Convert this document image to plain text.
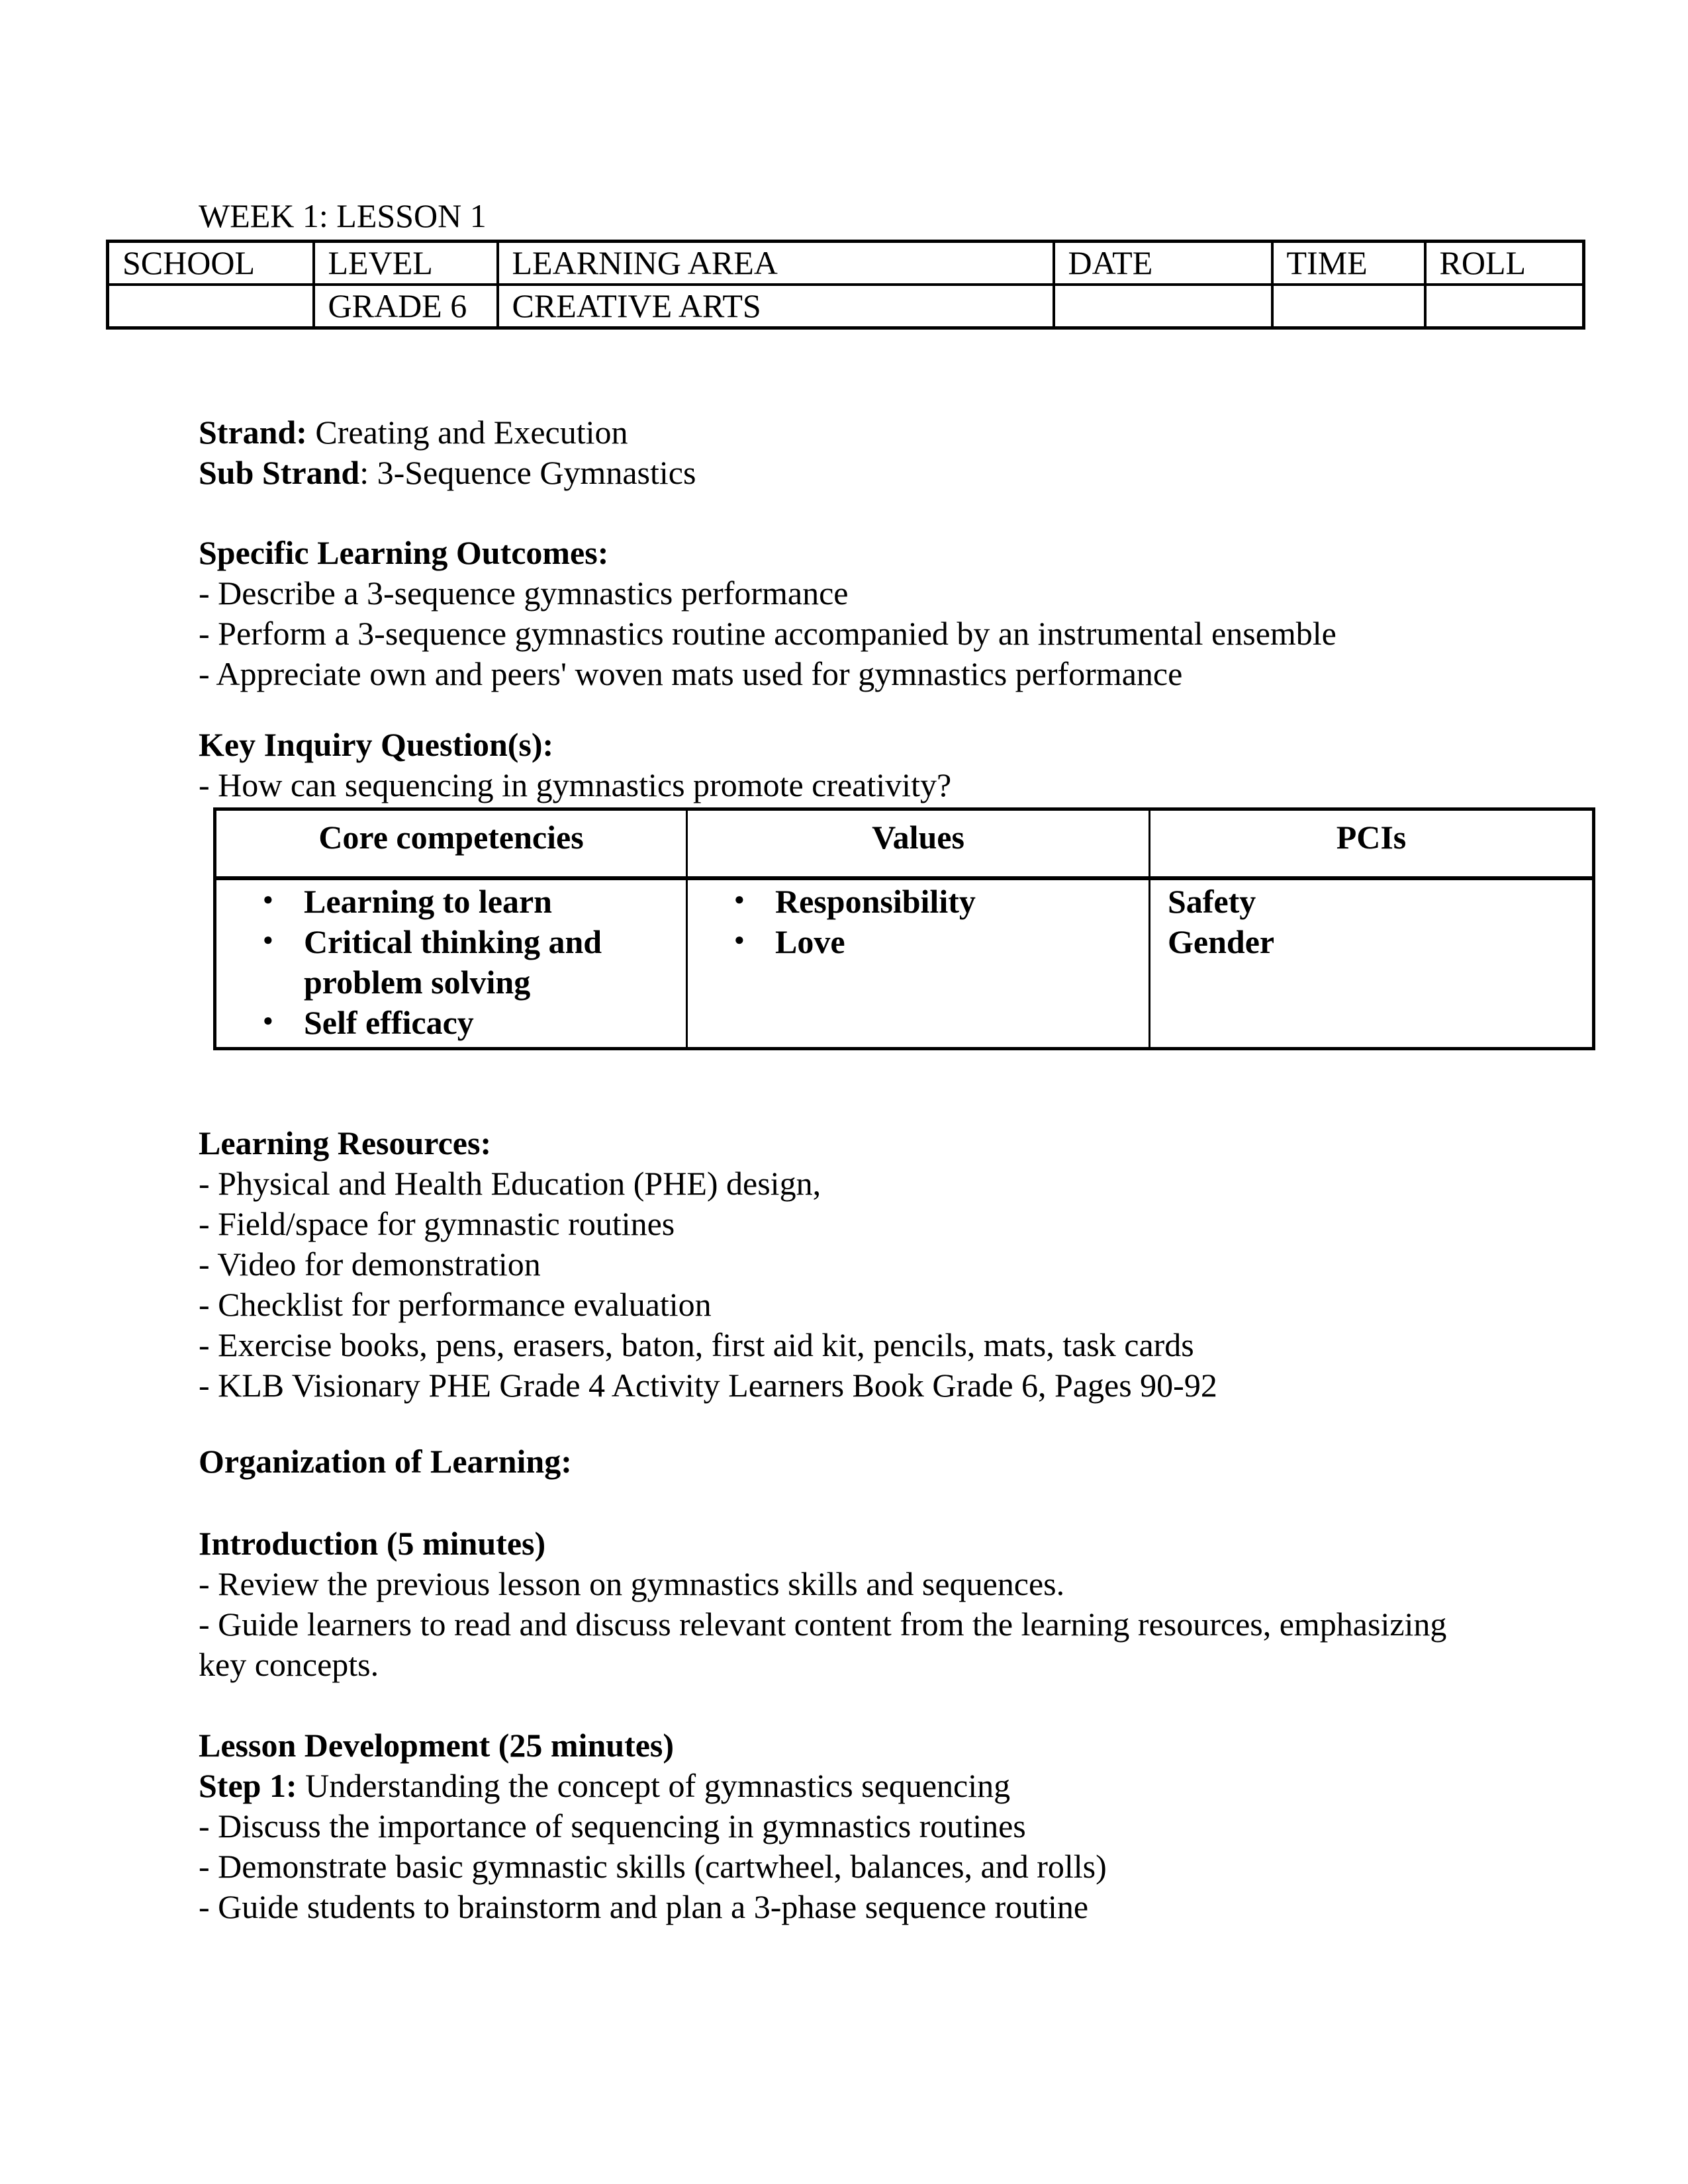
WEEK 1: LESSON 1
SCHOOL	LEVEL	LEARNING AREA	DATE	TIME	ROLL
	GRADE 6	CREATIVE ARTS			
Strand: Creating and Execution
Sub Strand: 3-Sequence Gymnastics
Specific Learning Outcomes:
- Describe a 3-sequence gymnastics performance
- Perform a 3-sequence gymnastics routine accompanied by an instrumental ensemble
- Appreciate own and peers' woven mats used for gymnastics performance
Key Inquiry Question(s):
- How can sequencing in gymnastics promote creativity?
Core competencies	Values	PCIs

● Learning to learn
● Critical thinking and problem solving
● Self efficacy

● Responsibility
● Love

Safety
Gender
Learning Resources:
- Physical and Health Education (PHE) design,
- Field/space for gymnastic routines
- Video for demonstration
- Checklist for performance evaluation
- Exercise books, pens, erasers, baton, first aid kit, pencils, mats, task cards
- KLB Visionary PHE Grade 4 Activity Learners Book Grade 6, Pages 90-92
Organization of Learning:
Introduction (5 minutes)
- Review the previous lesson on gymnastics skills and sequences.
- Guide learners to read and discuss relevant content from the learning resources, emphasizing
key concepts.
Lesson Development (25 minutes)
Step 1: Understanding the concept of gymnastics sequencing
- Discuss the importance of sequencing in gymnastics routines
- Demonstrate basic gymnastic skills (cartwheel, balances, and rolls)
- Guide students to brainstorm and plan a 3-phase sequence routine
